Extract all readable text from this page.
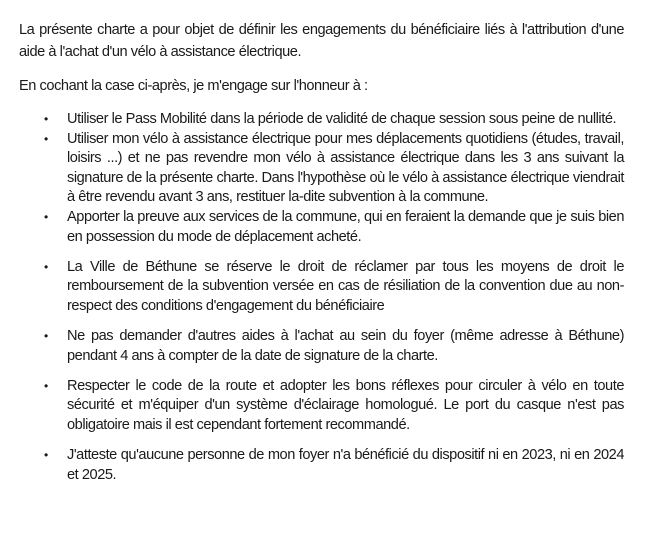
La présente charte a pour objet de définir les engagements du bénéficiaire liés à l'attribution d'une aide à l'achat d'un vélo à assistance électrique.

En cochant la case ci-après, je m'engage sur l'honneur à :

• Utiliser le Pass Mobilité dans la période de validité de chaque session sous peine de nullité.
• Utiliser mon vélo à assistance électrique pour mes déplacements quotidiens (études, travail, loisirs ...) et ne pas revendre mon vélo à assistance électrique dans les 3 ans suivant la signature de la présente charte. Dans l'hypothèse où le vélo à assistance électrique viendrait à être revendu avant 3 ans, restituer la-dite subvention à la commune.
• Apporter la preuve aux services de la commune, qui en feraient la demande que je suis bien en possession du mode de déplacement acheté.
• La Ville de Béthune se réserve le droit de réclamer par tous les moyens de droit le remboursement de la subvention versée en cas de résiliation de la convention due au non-respect des conditions d'engagement du bénéficiaire
• Ne pas demander d'autres aides à l'achat au sein du foyer (même adresse à Béthune) pendant 4 ans à compter de la date de signature de la charte.
• Respecter le code de la route et adopter les bons réflexes pour circuler à vélo en toute sécurité et m'équiper d'un système d'éclairage homologué. Le port du casque n'est pas obligatoire mais il est cependant fortement recommandé.
• J'atteste qu'aucune personne de mon foyer n'a bénéficié du dispositif ni en 2023, ni en 2024 et 2025.
